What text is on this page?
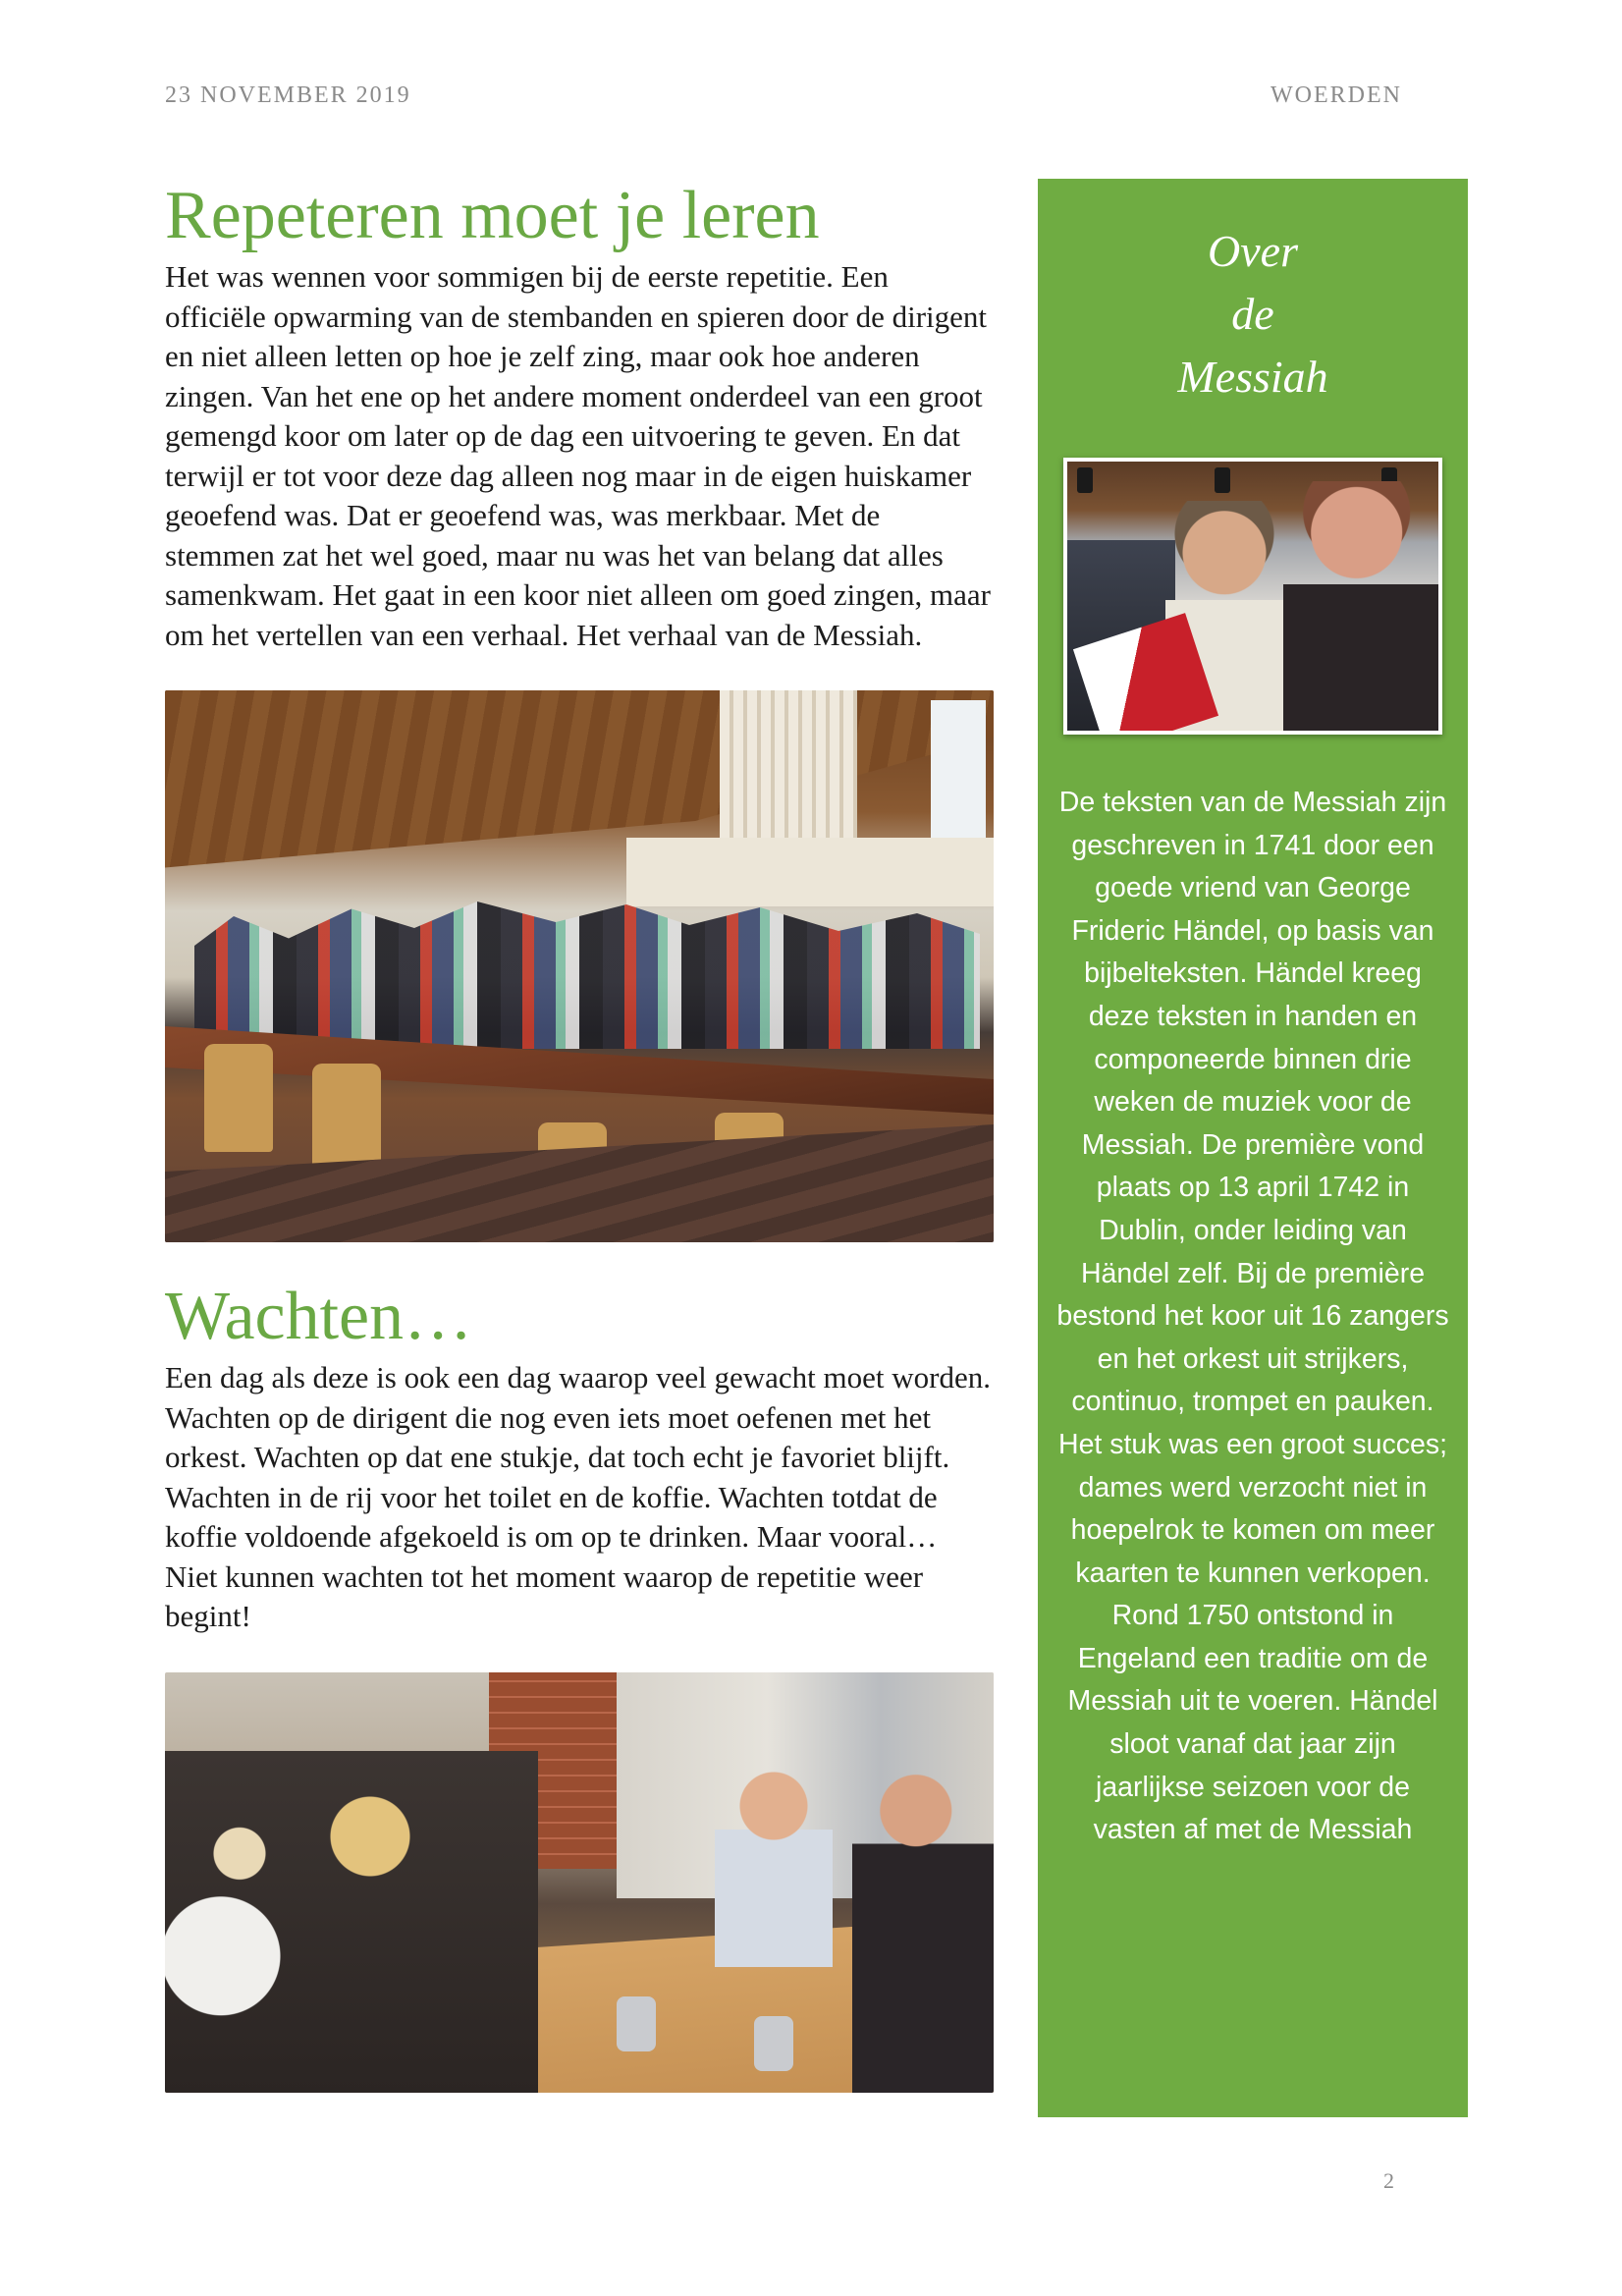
23 NOVEMBER 2019	WOERDEN
Repeteren moet je leren

Het was wennen voor sommigen bij de eerste repetitie. Een officiële opwarming van de stembanden en spieren door de dirigent en niet alleen letten op hoe je zelf zing, maar ook hoe anderen zingen. Van het ene op het andere moment onderdeel van een groot gemengd koor om later op de dag een uitvoering te geven. En dat terwijl er tot voor deze dag alleen nog maar in de eigen huiskamer geoefend was. Dat er geoefend was, was merkbaar. Met de stemmen zat het wel goed, maar nu was het van belang dat alles samenkwam. Het gaat in een koor niet alleen om goed zingen, maar om het vertellen van een verhaal. Het verhaal van de Messiah.

Wachten…

Een dag als deze is ook een dag waarop veel gewacht moet worden. Wachten op de dirigent die nog even iets moet oefenen met het orkest. Wachten op dat ene stukje, dat toch echt je favoriet blijft. Wachten in de rij voor het toilet en de koffie. Wachten totdat de koffie voldoende afgekoeld is om op te drinken. Maar vooral… Niet kunnen wachten tot het moment waarop de repetitie weer begint!

Over
de
Messiah

De teksten van de Messiah zijn geschreven in 1741 door een goede vriend van George Frideric Händel, op basis van bijbelteksten. Händel kreeg deze teksten in handen en componeerde binnen drie weken de muziek voor de Messiah. De première vond plaats op 13 april 1742 in Dublin, onder leiding van Händel zelf. Bij de première bestond het koor uit 16 zangers en het orkest uit strijkers, continuo, trompet en pauken. Het stuk was een groot succes; dames werd verzocht niet in hoepelrok te komen om meer kaarten te kunnen verkopen. Rond 1750 ontstond in Engeland een traditie om de Messiah uit te voeren. Händel sloot vanaf dat jaar zijn jaarlijkse seizoen voor de vasten af met de Messiah

2
